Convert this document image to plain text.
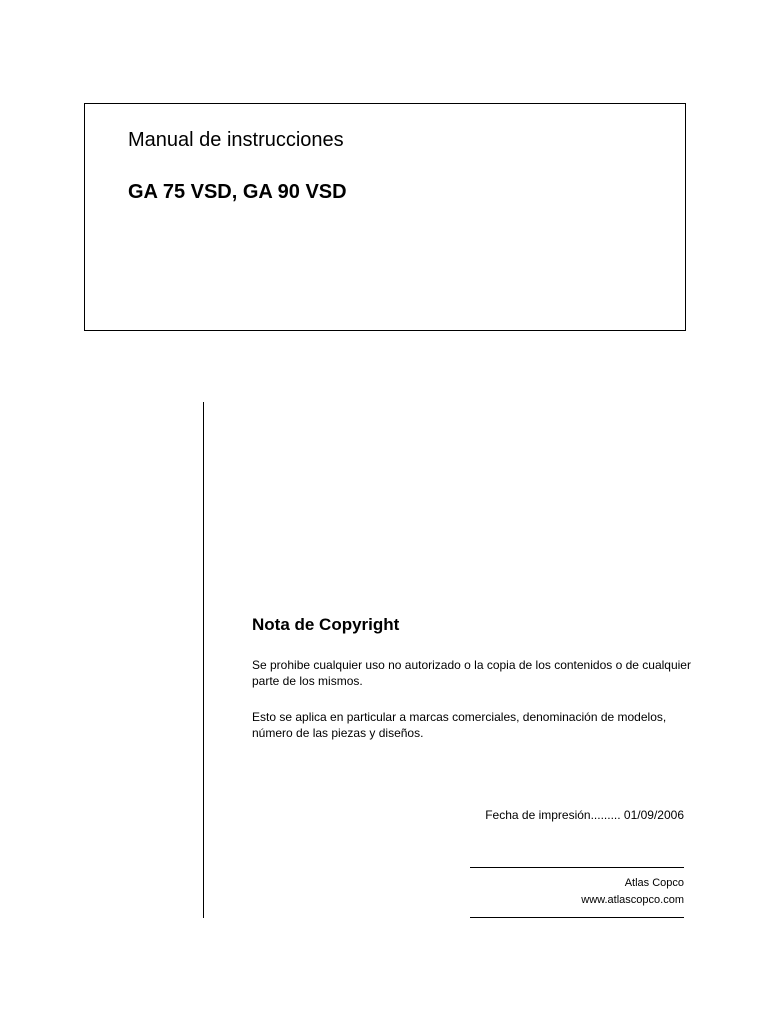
Manual de instrucciones
GA 75 VSD, GA 90 VSD
Nota de Copyright
Se prohibe cualquier uso no autorizado o la copia de los contenidos o de cualquier parte de los mismos.
Esto se aplica en particular a marcas comerciales, denominación de modelos, número de las piezas y diseños.
Fecha de impresión......... 01/09/2006
Atlas Copco
www.atlascopco.com
